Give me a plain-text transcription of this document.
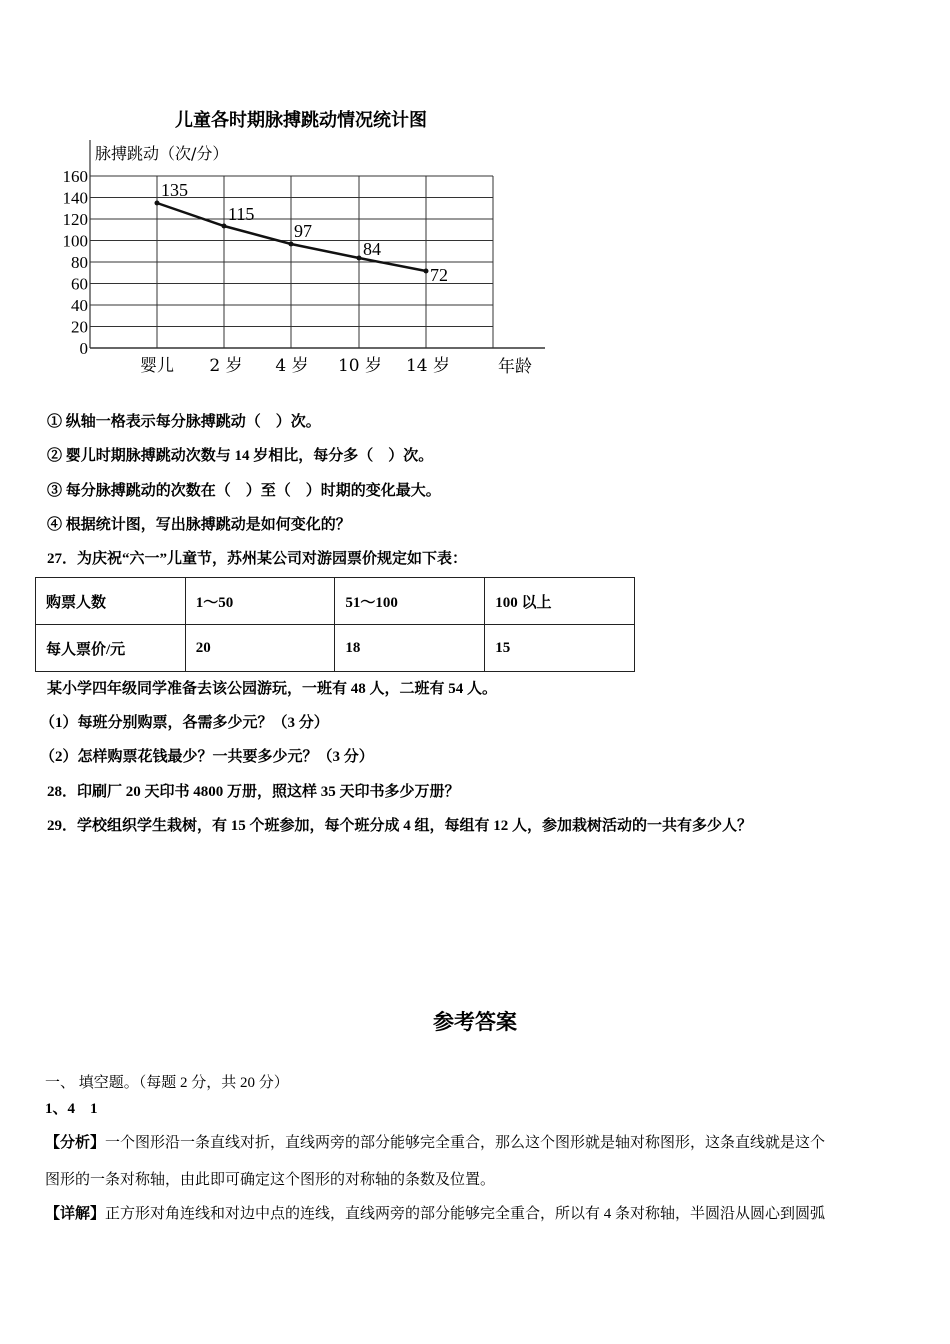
儿童各时期脉搏跳动情况统计图
脉搏跳动（次/分）
160
140
120
100
80
60
40
20
0
婴儿 2 岁 4 岁 10 岁 14 岁	年龄
135
115
97
84
72
① 纵轴一格表示每分脉搏跳动（　）次。
② 婴儿时期脉搏跳动次数与 14 岁相比，每分多（　）次。
③ 每分脉搏跳动的次数在（　）至（　）时期的变化最大。
④ 根据统计图，写出脉搏跳动是如何变化的？
27．为庆祝“六一”儿童节，苏州某公司对游园票价规定如下表：
购票人数	1～50	51～100	100 以上
每人票价/元	20	18	15
某小学四年级同学准备去该公园游玩，一班有 48 人，二班有 54 人。
（1）每班分别购票，各需多少元？（3 分）
（2）怎样购票花钱最少？一共要多少元？（3 分）
28．印刷厂 20 天印书 4800 万册，照这样 35 天印书多少万册？
29．学校组织学生栽树，有 15 个班参加，每个班分成 4 组，每组有 12 人，参加栽树活动的一共有多少人？
参考答案
一、 填空题。（每题 2 分，共 20 分）
1、4　1
【分析】一个图形沿一条直线对折，直线两旁的部分能够完全重合，那么这个图形就是轴对称图形，这条直线就是这个
图形的一条对称轴，由此即可确定这个图形的对称轴的条数及位置。
【详解】正方形对角连线和对边中点的连线，直线两旁的部分能够完全重合，所以有 4 条对称轴，半圆沿从圆心到圆弧
